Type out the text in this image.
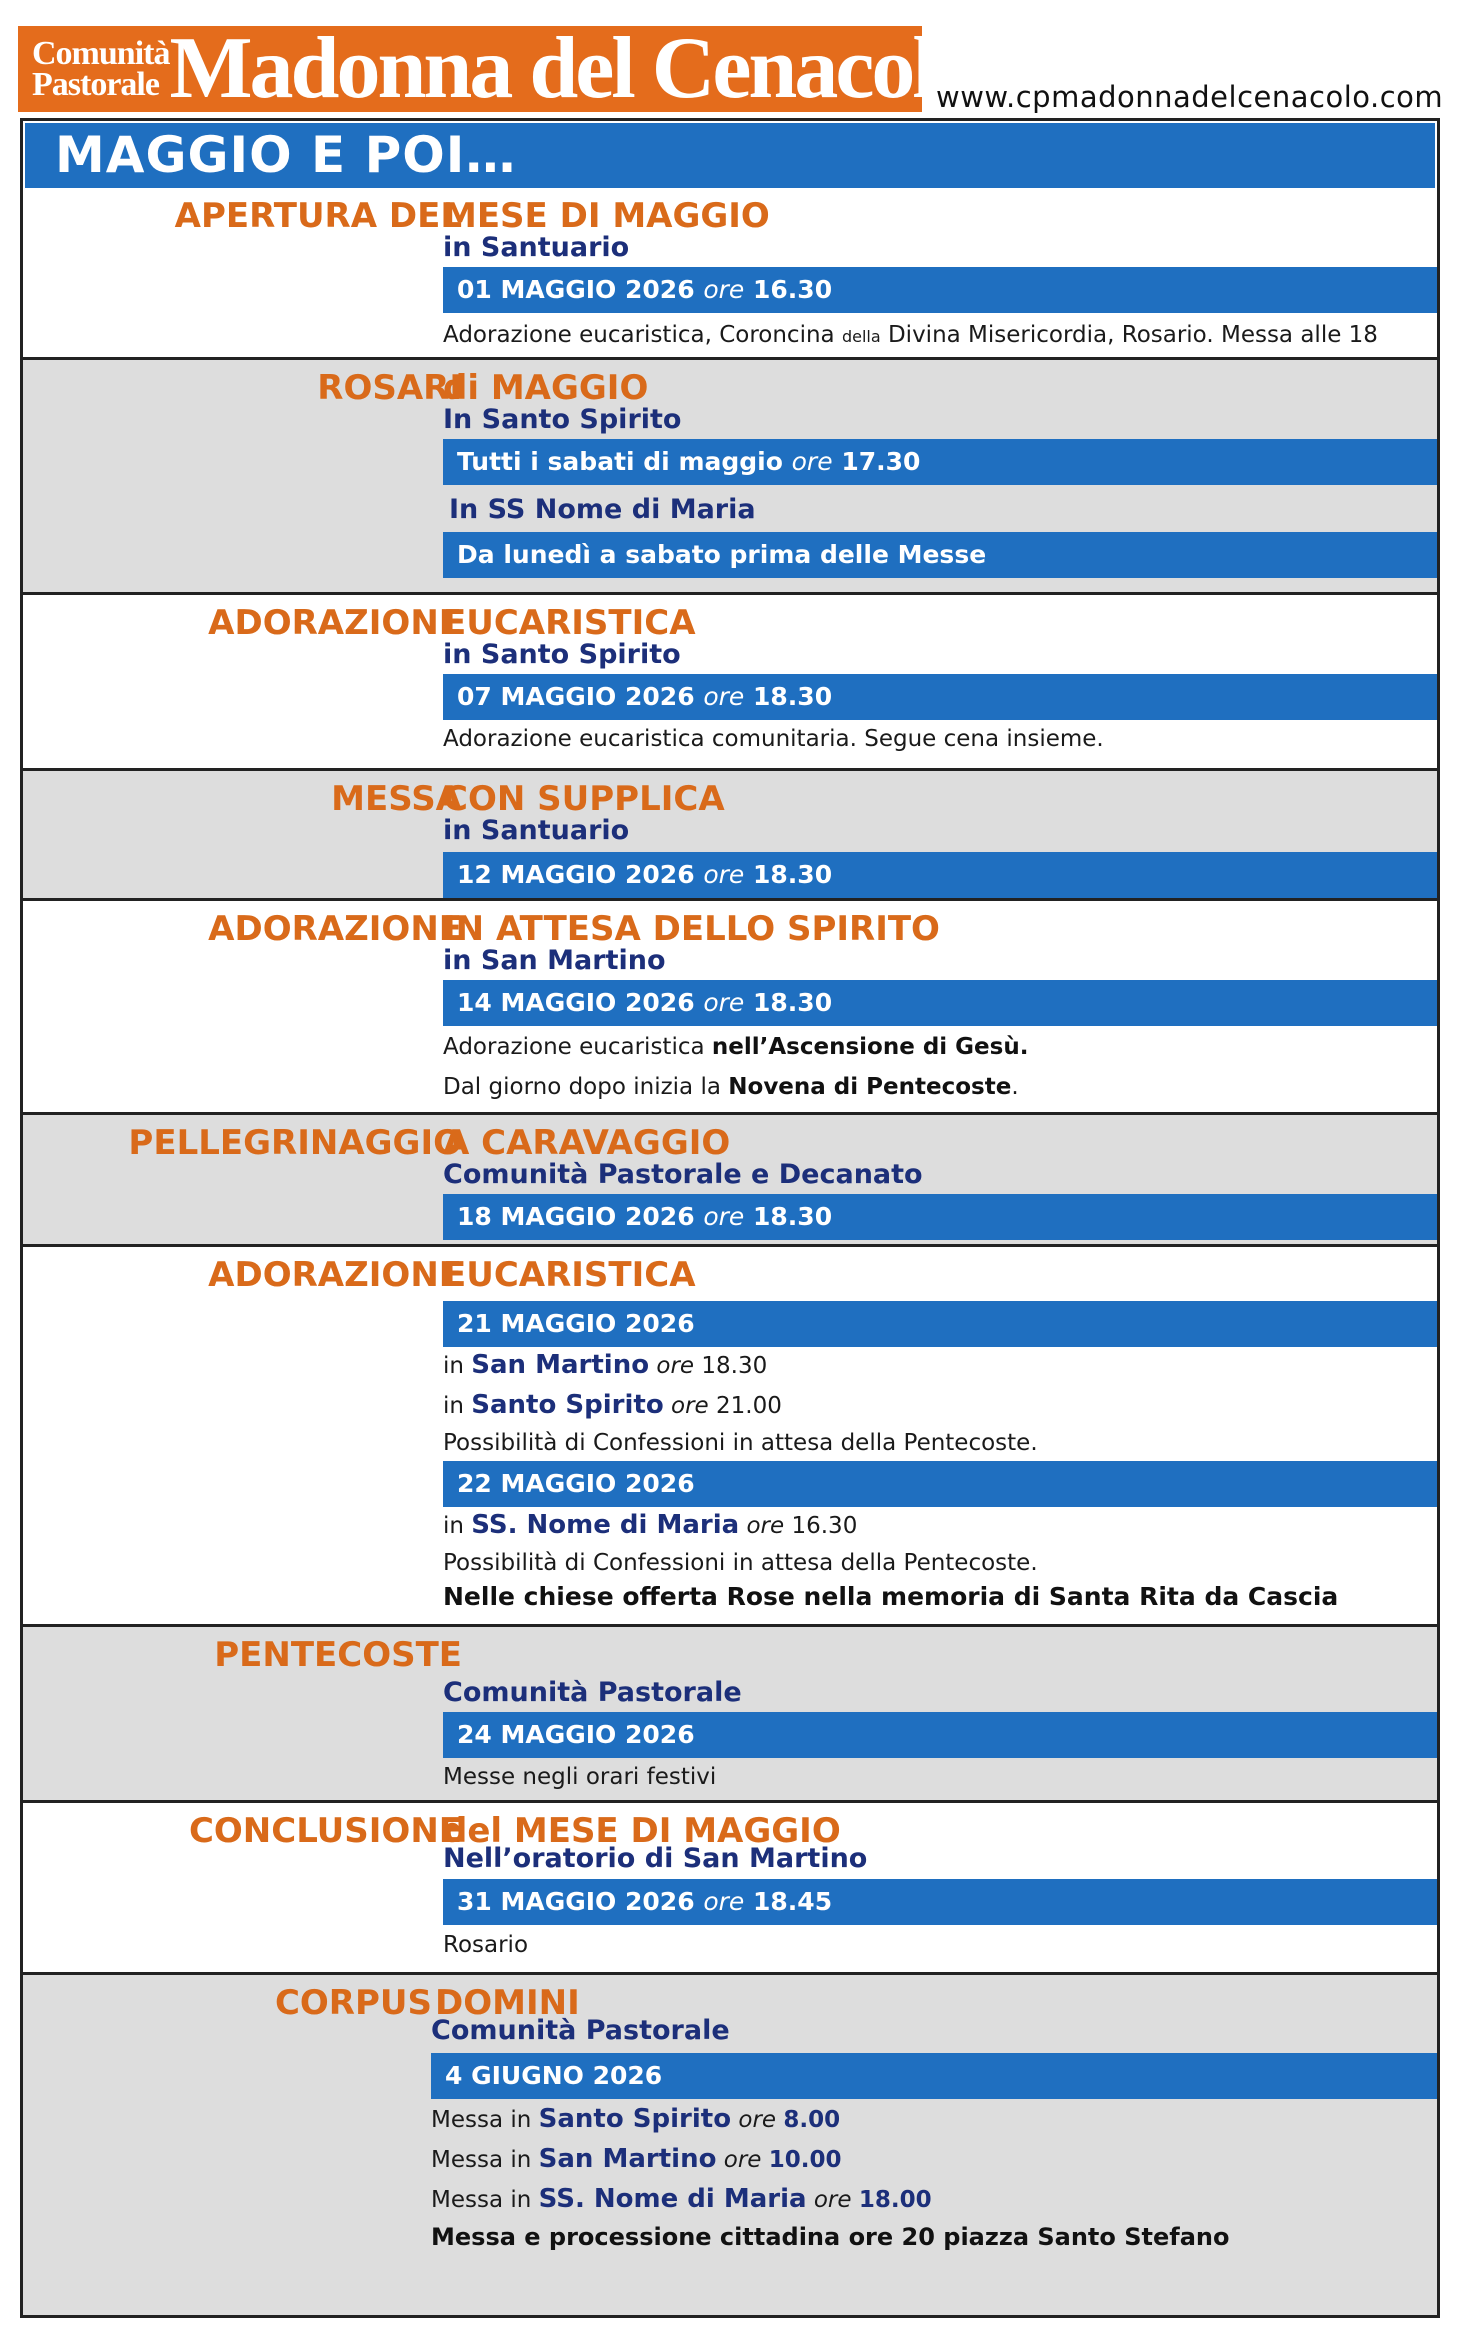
Comunità
Pastorale Madonna del Cenacolo
www.cpmadonnadelcenacolo.com
MAGGIO E POI…
APERTURA DEL
MESE DI MAGGIO
in Santuario
01 MAGGIO 2026 ore 16.30
Adorazione eucaristica, Coroncina della Divina Misericordia, Rosario. Messa alle 18
ROSARI
di MAGGIO
In Santo Spirito
Tutti i sabati di maggio ore 17.30
In SS Nome di Maria
Da lunedì a sabato prima delle Messe
ADORAZIONE
EUCARISTICA
in Santo Spirito
07 MAGGIO 2026 ore 18.30
Adorazione eucaristica comunitaria. Segue cena insieme.
MESSA
CON SUPPLICA
in Santuario
12 MAGGIO 2026 ore 18.30
ADORAZIONE
IN ATTESA DELLO SPIRITO
in San Martino
14 MAGGIO 2026 ore 18.30
Adorazione eucaristica nell’Ascensione di Gesù.
Dal giorno dopo inizia la Novena di Pentecoste.
PELLEGRINAGGIO
A CARAVAGGIO
Comunità Pastorale e Decanato
18 MAGGIO 2026 ore 18.30
ADORAZIONE
EUCARISTICA
21 MAGGIO 2026
in San Martino ore 18.30
in Santo Spirito ore 21.00
Possibilità di Confessioni in attesa della Pentecoste.
22 MAGGIO 2026
in SS. Nome di Maria ore 16.30
Possibilità di Confessioni in attesa della Pentecoste.
Nelle chiese offerta Rose nella memoria di Santa Rita da Cascia
PENTECOSTE
Comunità Pastorale
24 MAGGIO 2026
Messe negli orari festivi
CONCLUSIONE
del MESE DI MAGGIO
Nell’oratorio di San Martino
31 MAGGIO 2026 ore 18.45
Rosario
CORPUS DOMINI
Comunità Pastorale
4 GIUGNO 2026
Messa in Santo Spirito ore 8.00
Messa in San Martino ore 10.00
Messa in SS. Nome di Maria ore 18.00
Messa e processione cittadina ore 20 piazza Santo Stefano
